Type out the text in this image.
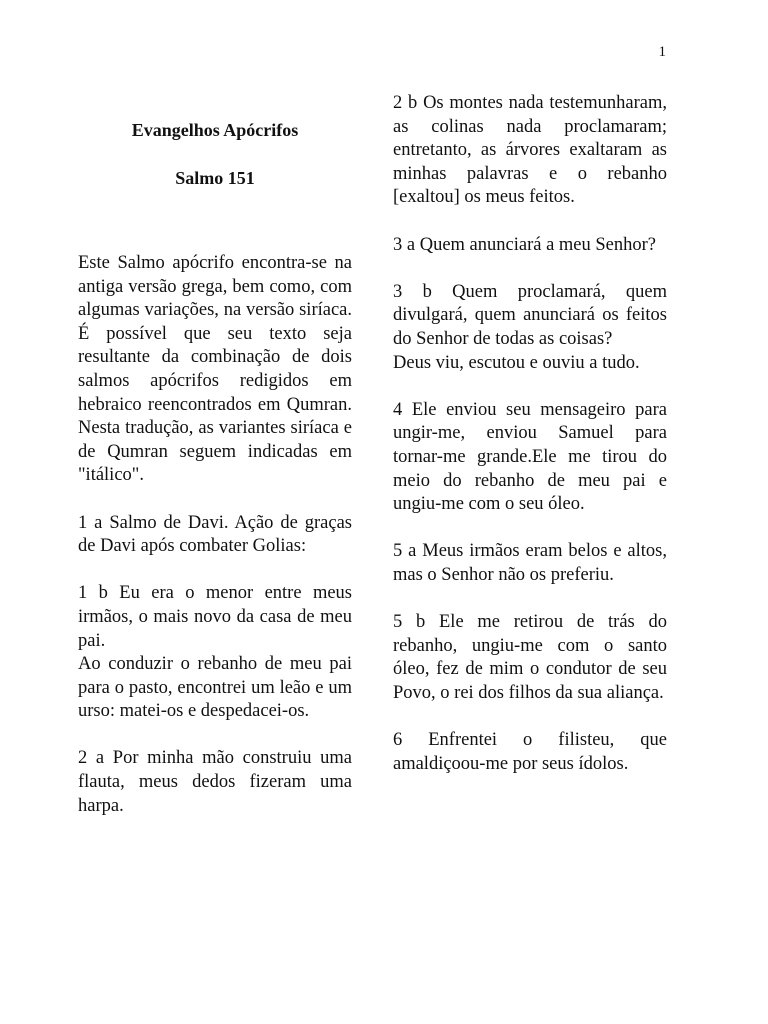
1
Evangelhos Apócrifos
Salmo 151

Este Salmo apócrifo encontra-se na antiga versão grega, bem como, com algumas variações, na versão siríaca. É possível que seu texto seja resultante da combinação de dois salmos apócrifos redigidos em hebraico reencontrados em Qumran. Nesta tradução, as variantes siríaca e de Qumran seguem indicadas em "itálico".

1 a Salmo de Davi. Ação de graças de Davi após combater Golias:

1 b Eu era o menor entre meus irmãos, o mais novo da casa de meu pai.

Ao conduzir o rebanho de meu pai para o pasto, encontrei um leão e um urso: matei-os e despedacei-os.

2 a Por minha mão construiu uma flauta, meus dedos fizeram uma harpa.

2 b Os montes nada testemunharam, as colinas nada proclamaram; entretanto, as árvores exaltaram as minhas palavras e o rebanho [exaltou] os meus feitos.

3 a Quem anunciará a meu Senhor?

3 b Quem proclamará, quem divulgará, quem anunciará os feitos do Senhor de todas as coisas?

Deus viu, escutou e ouviu a tudo.

4 Ele enviou seu mensageiro para ungir-me, enviou Samuel para tornar-me grande.Ele me tirou do meio do rebanho de meu pai e ungiu-me com o seu óleo.

5 a Meus irmãos eram belos e altos, mas o Senhor não os preferiu.

5 b Ele me retirou de trás do rebanho, ungiu-me com o santo óleo, fez de mim o condutor de seu Povo, o rei dos filhos da sua aliança.

6 Enfrentei o filisteu, que amaldiçoou-me por seus ídolos.
